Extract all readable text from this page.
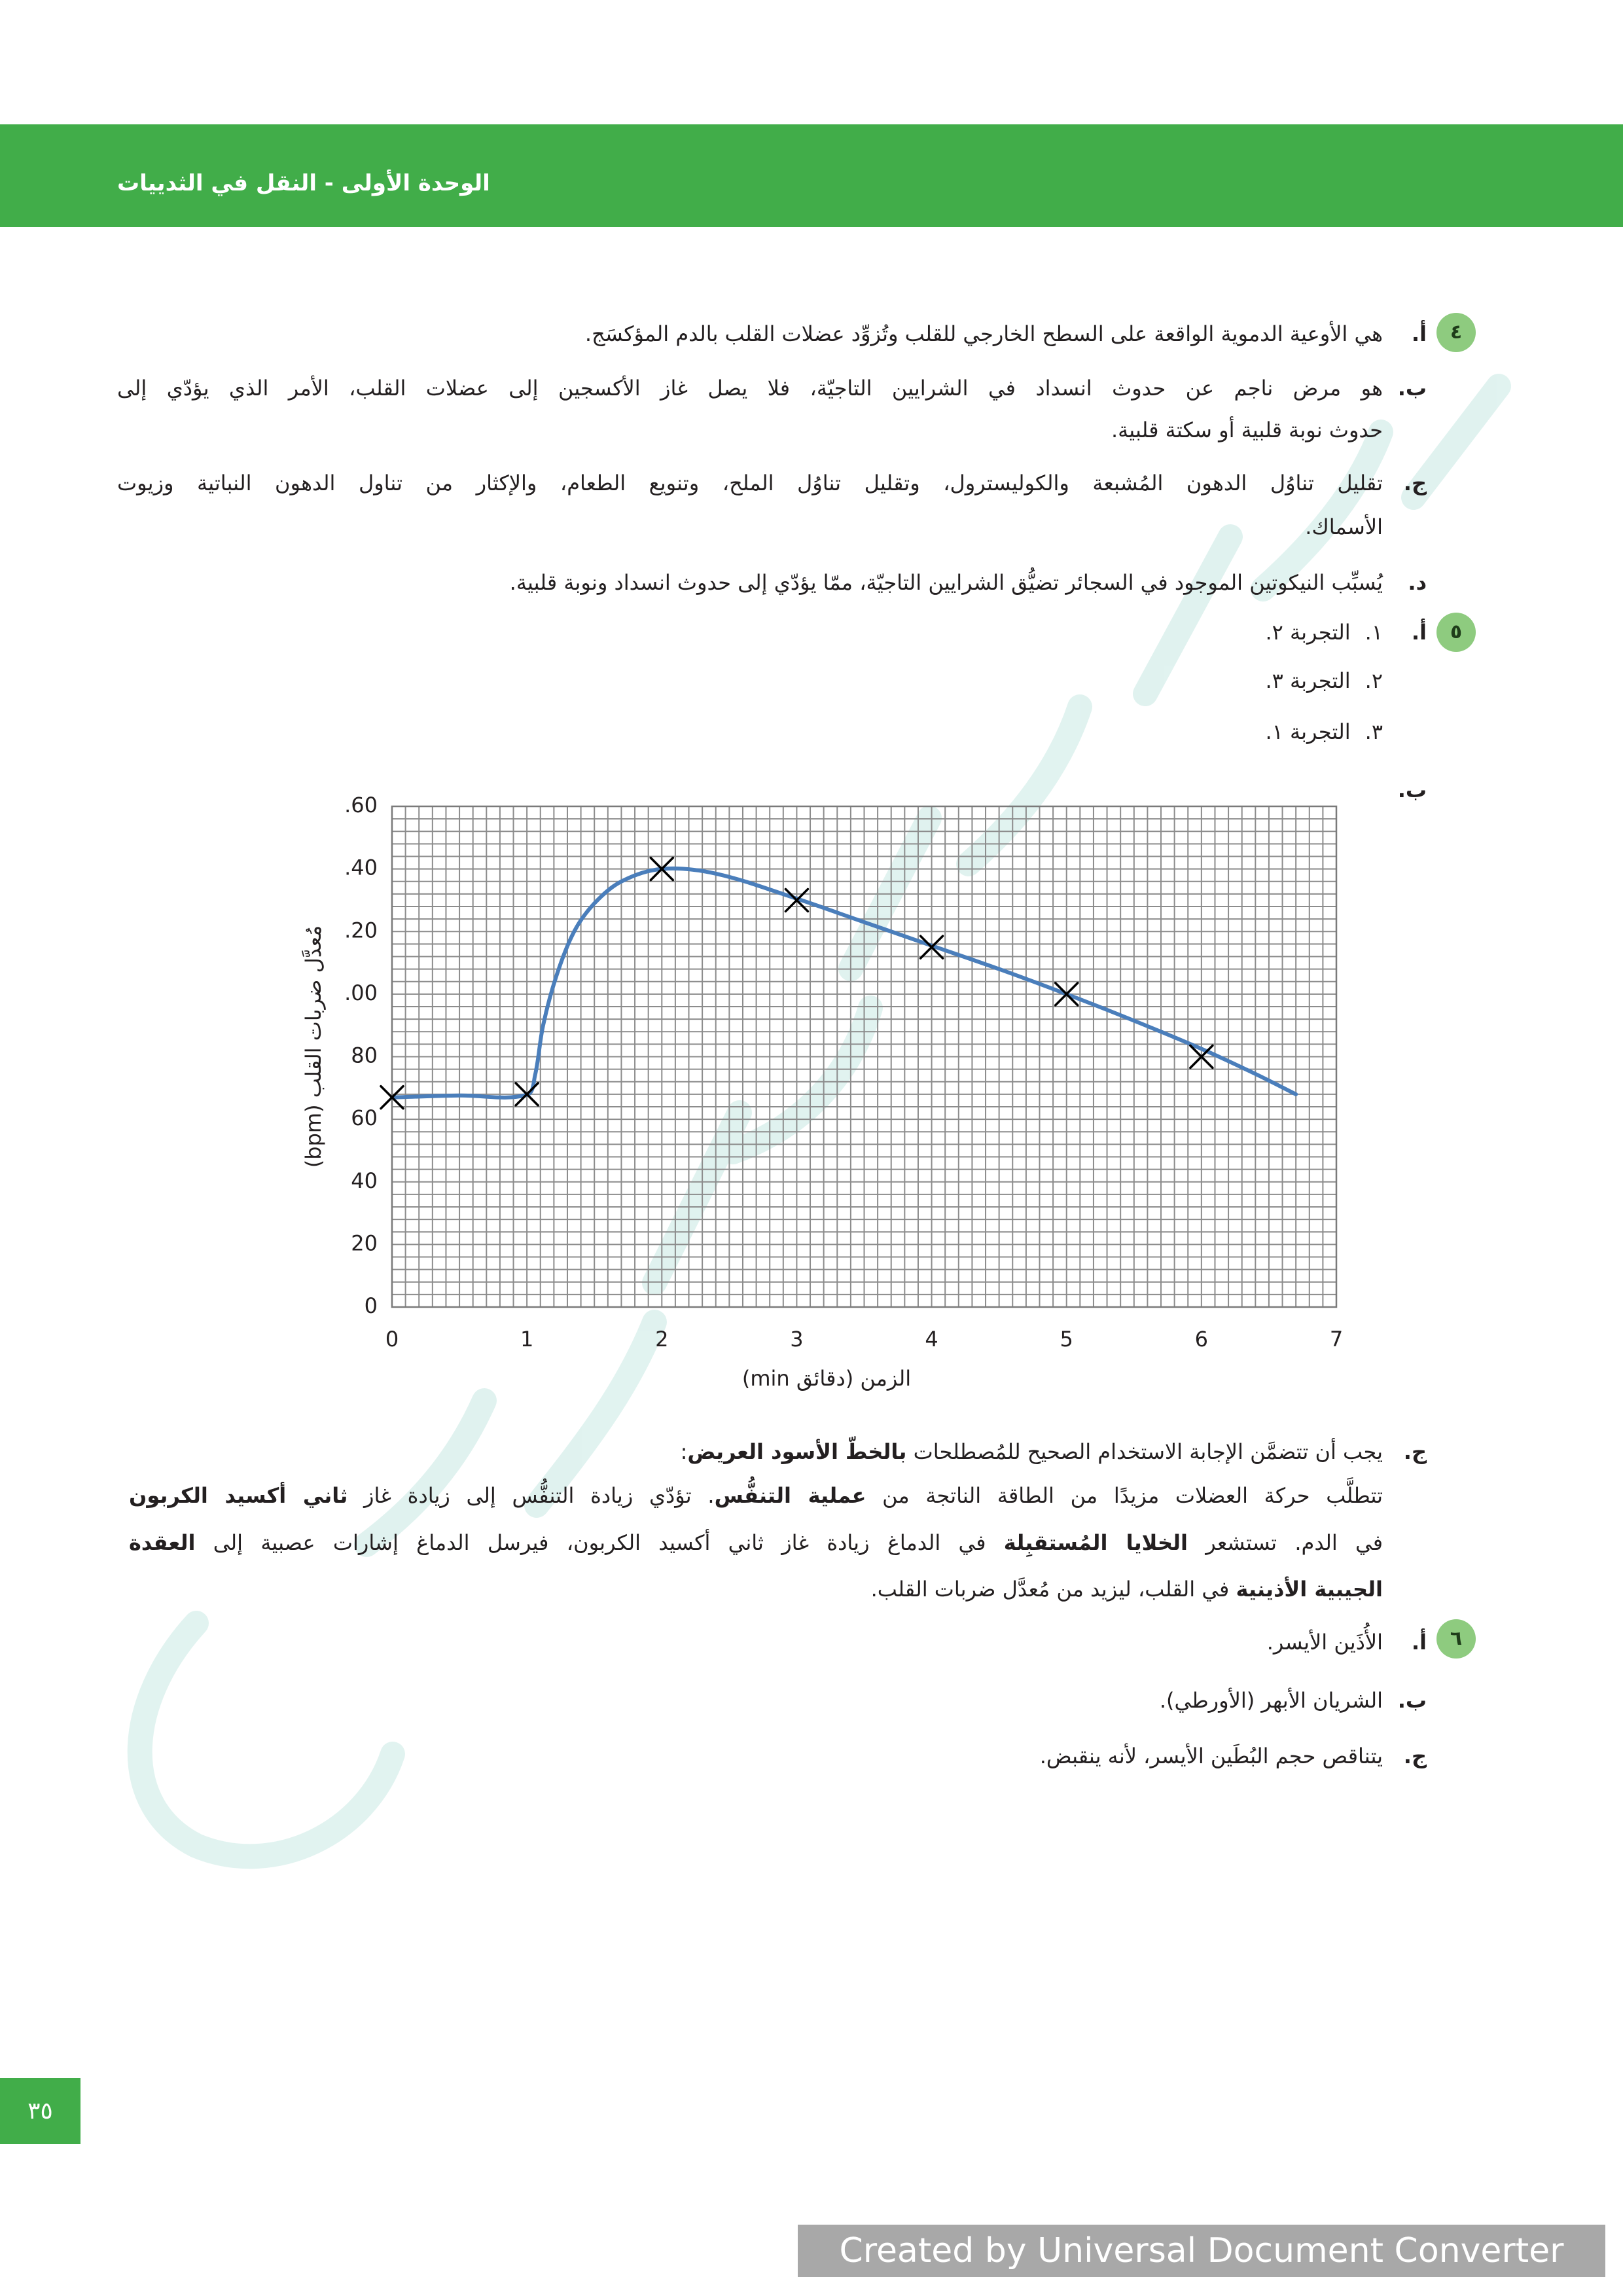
الوحدة الأولى - النقل في الثدييات
٤
أ.
هي الأوعية الدموية الواقعة على السطح الخارجي للقلب وتُزوِّد عضلات القلب بالدم المؤكسَج.
ب.
هو مرض ناجم عن حدوث انسداد في الشرايين التاجيّة، فلا يصل غاز الأكسجين إلى عضلات القلب، الأمر الذي يؤدّي إلى
حدوث نوبة قلبية أو سكتة قلبية.
ج.
تقليل تناوُل الدهون المُشبعة والكوليسترول، وتقليل تناوُل الملح، وتنويع الطعام، والإكثار من تناول الدهون النباتية وزيوت
الأسماك.
د.
يُسبِّب النيكوتين الموجود في السجائر تضيُّق الشرايين التاجيّة، ممّا يؤدّي إلى حدوث انسداد ونوبة قلبية.
٥
أ.
١.التجربة ٢.
٢.التجربة ٣.
٣.التجربة ١.
ب.
0	1	2	3	4	5	6	7
0
20
40
60
80
.00
.20
.40
.60
الزمن (دقائق min)
مُعدَّل ضربات القلب (bpm)
ج.
يجب أن تتضمَّن الإجابة الاستخدام الصحيح للمُصطلحات بالخطّ الأسود العريض:
تتطلَّب حركة العضلات مزيدًا من الطاقة الناتجة من عملية التنفُّس. تؤدّي زيادة التنفُّس إلى زيادة غاز ثاني أكسيد الكربون
في الدم. تستشعر الخلايا المُستقبِلة في الدماغ زيادة غاز ثاني أكسيد الكربون، فيرسل الدماغ إشارات عصبية إلى العقدة
الجيبية الأذينية في القلب، ليزيد من مُعدَّل ضربات القلب.
٦
أ.
الأُذَين الأيسر.
ب.
الشريان الأبهر (الأورطي).
ج.
يتناقص حجم البُطَين الأيسر، لأنه ينقبض.
٣٥
Created by Universal Document Converter
